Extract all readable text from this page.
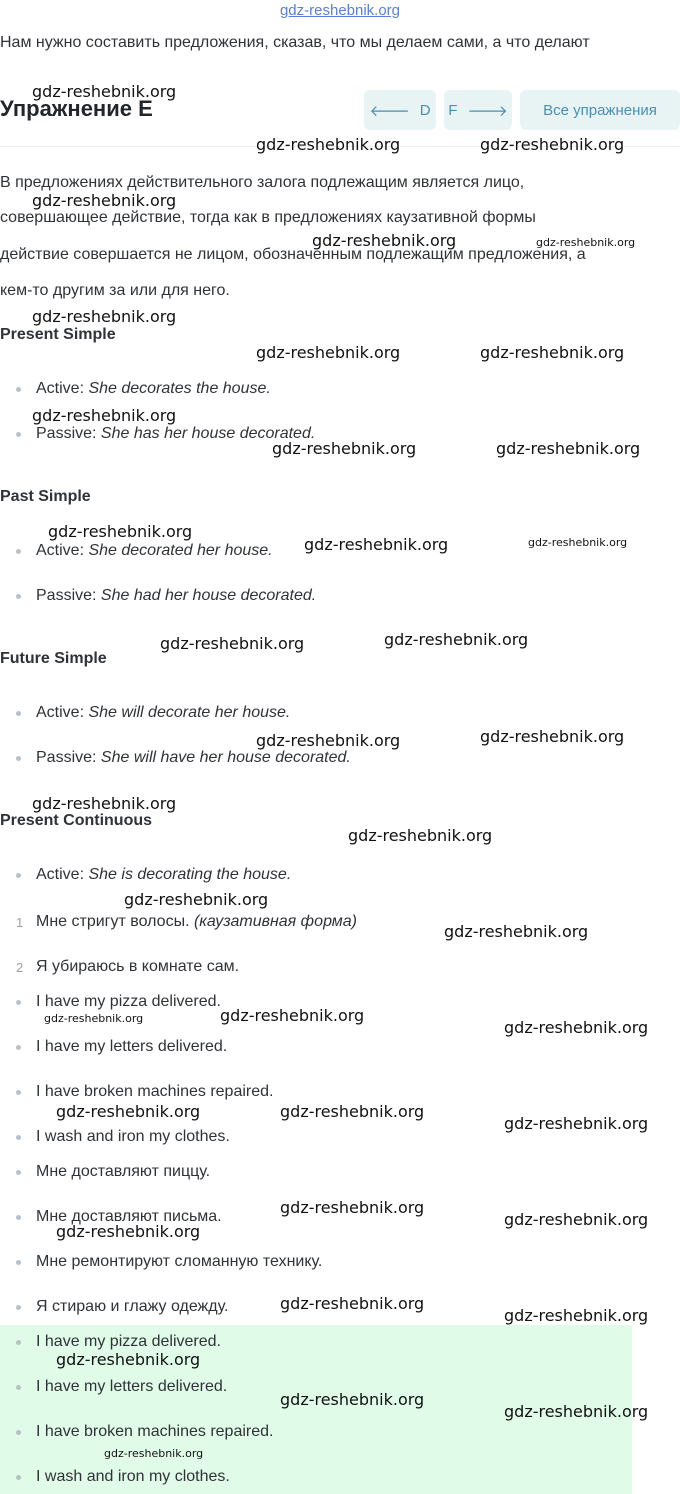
gdz-reshebnik.org
Нам нужно составить предложения, сказав, что мы делаем сами, а что делают
Упражнение E	🡐 D F 🡒 Все упражнения
В предложениях действительного залога подлежащим является лицо,
совершающее действие, тогда как в предложениях каузативной формы
действие совершается не лицом, обозначенным подлежащим предложения, а
кем-то другим за или для него.
Present Simple
Active: She decorates the house.
Passive: She has her house decorated.
Past Simple
Active: She decorated her house.
Passive: She had her house decorated.
Future Simple
Active: She will decorate her house.
Passive: She will have her house decorated.
Present Continuous
Active: She is decorating the house.
1 Мне стригут волосы. (каузативная форма)
2 Я убираюсь в комнате сам.
I have my pizza delivered.
I have my letters delivered.
I have broken machines repaired.
I wash and iron my clothes.
Мне доставляют пиццу.
Мне доставляют письма.
Мне ремонтируют сломанную технику.
Я стираю и глажу одежду.
I have my pizza delivered.
I have my letters delivered.
I have broken machines repaired.
I wash and iron my clothes.
gdz-reshebnik.org
gdz-reshebnik.org	gdz-reshebnik.org
gdz-reshebnik.org
gdz-reshebnik.org	gdz-reshebnik.org
gdz-reshebnik.org
gdz-reshebnik.org	gdz-reshebnik.org
gdz-reshebnik.org
gdz-reshebnik.org	gdz-reshebnik.org
gdz-reshebnik.org
gdz-reshebnik.org	gdz-reshebnik.org
gdz-reshebnik.org	gdz-reshebnik.org
gdz-reshebnik.org	gdz-reshebnik.org
gdz-reshebnik.org
gdz-reshebnik.org
gdz-reshebnik.org
gdz-reshebnik.org
gdz-reshebnik.org	gdz-reshebnik.org
gdz-reshebnik.org
gdz-reshebnik.org	gdz-reshebnik.org
gdz-reshebnik.org
gdz-reshebnik.org
gdz-reshebnik.org
gdz-reshebnik.org
gdz-reshebnik.org
gdz-reshebnik.org
gdz-reshebnik.org
gdz-reshebnik.org
gdz-reshebnik.org
gdz-reshebnik.org
